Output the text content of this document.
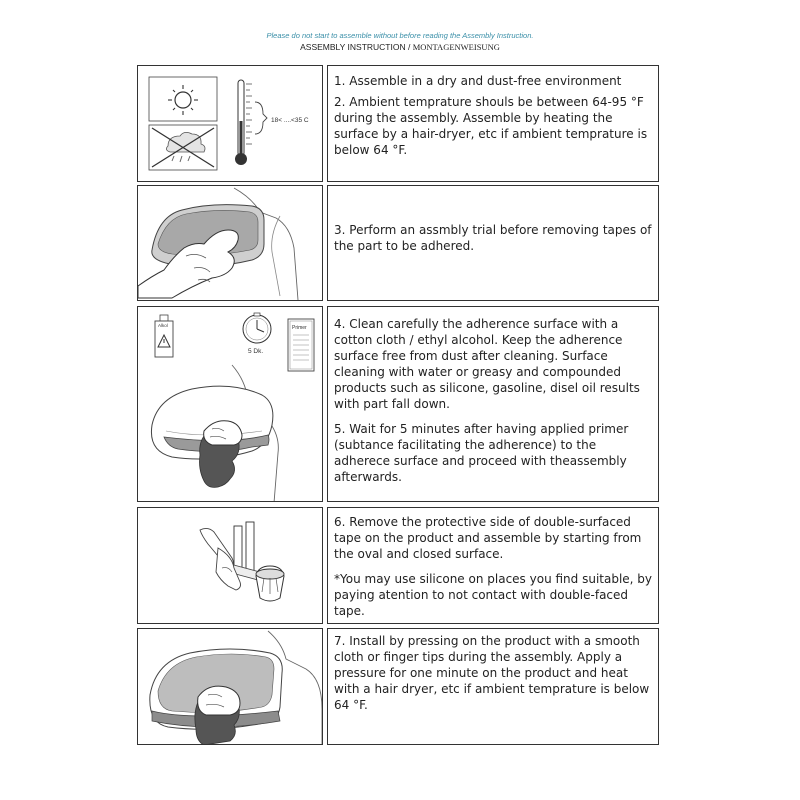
Please do not start to assemble without before reading the Assembly Instruction.
ASSEMBLY INSTRUCTION / MONTAGENWEISUNG
18< ....<35 C

1. Assemble in a dry and dust-free environment

2. Ambient temprature shouls be between 64-95 °F during the assembly. Assemble by heating the surface by a hair-dryer, etc if ambient temprature is below 64 °F.

3. Perform an assmbly trial before removing tapes of the part to be adhered.

Alkol
5 Dk.
Primer 4. Clean carefully the adherence surface with a cotton cloth / ethyl alcohol. Keep the adherence surface free from dust after cleaning. Surface cleaning with water or greasy and compounded products such as silicone, gasoline, disel oil results with part fall down.

5. Wait for 5 minutes after having applied primer (subtance facilitating the adherence) to the adherece surface and proceed with theassembly afterwards.

6. Remove the protective side of double-surfaced tape on the product and assemble by starting from the oval and closed surface.

*You may use silicone on places you find suitable, by paying atention to not contact with double-faced tape.

7. Install by pressing on the product with a smooth cloth or finger tips during the assembly. Apply a pressure for one minute on the product and heat with a hair dryer, etc if ambient temprature is below 64 °F.
